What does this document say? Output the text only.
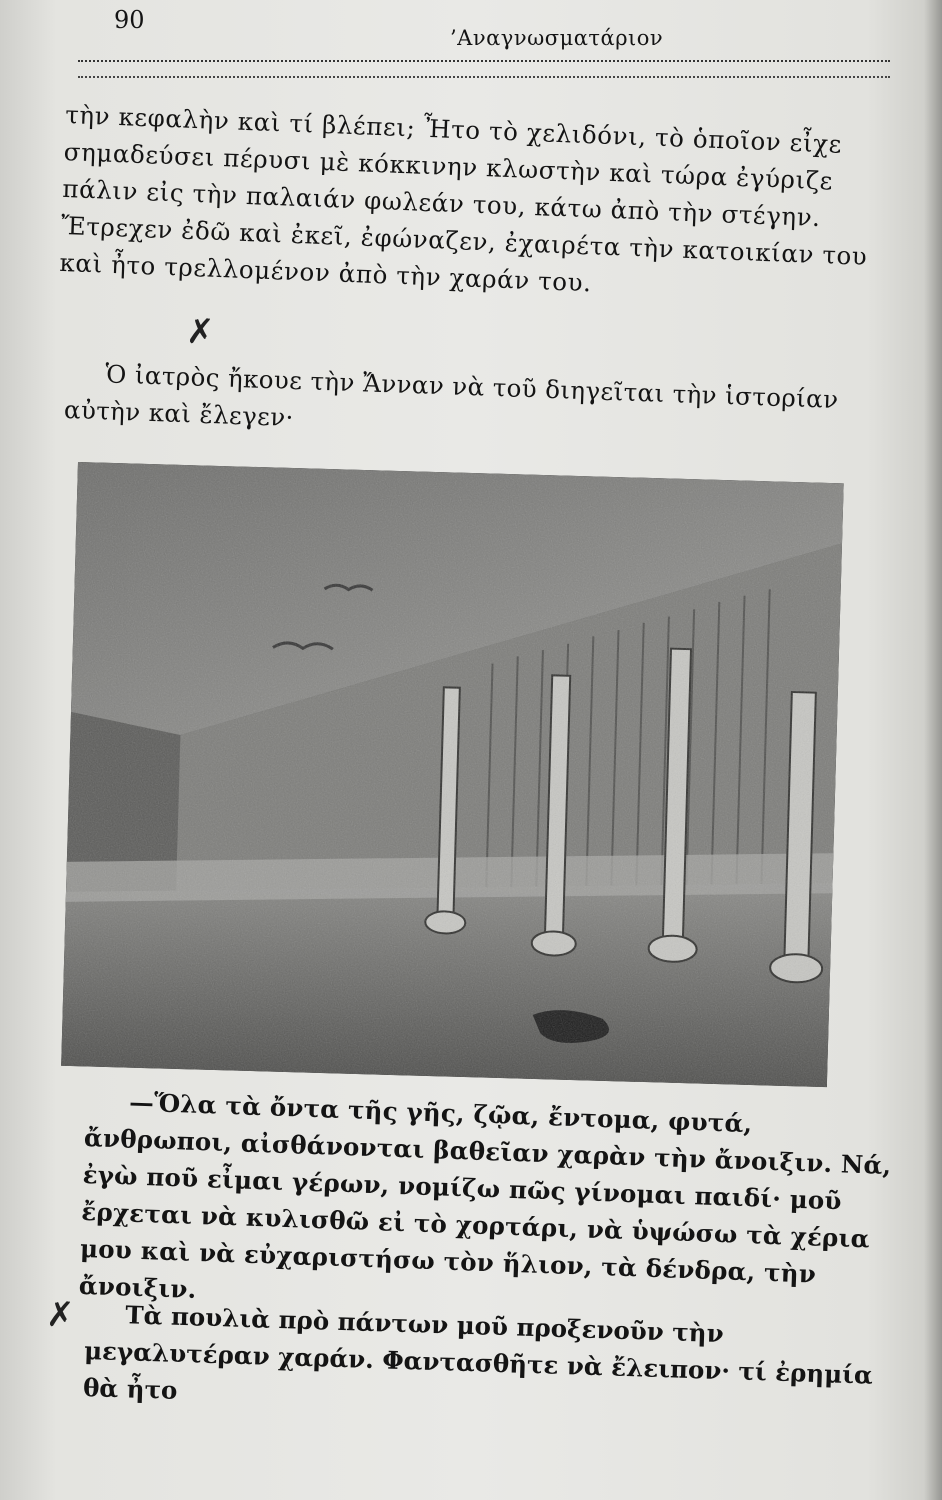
90
’Αναγνωσματάριον

τὴν κεφαλὴν καὶ τί βλέπει; Ἦτο τὸ χελιδόνι, τὸ ὁποῖον εἶχε σημαδεύσει πέρυσι μὲ κόκκινην κλωστὴν καὶ τώρα ἐγύριζε πάλιν εἰς τὴν παλαιάν φωλεάν του, κάτω ἀπὸ τὴν στέγην. Ἔτρεχεν ἐδῶ καὶ ἐκεῖ, ἐφώναζεν, ἐχαιρέτα τὴν κατοικίαν του καὶ ἦτο τρελλομένον ἀπὸ τὴν χαράν του.

✗

Ὁ ἰατρὸς ἤκουε τὴν Ἄνναν νὰ τοῦ διηγεῖται τὴν ἱστορίαν αὐτὴν καὶ ἔλεγεν·

—Ὅλα τὰ ὄντα τῆς γῆς, ζῷα, ἔντομα, φυτά, ἄνθρωποι, αἰσθάνονται βαθεῖαν χαρὰν τὴν ἄνοιξιν. Νά, ἐγὼ ποῦ εἶμαι γέρων, νομίζω πῶς γίνομαι παιδί· μοῦ ἔρχεται νὰ κυλισθῶ εἰ τὸ χορτάρι, νὰ ὑψώσω τὰ χέρια μου καὶ νὰ εὐχαριστήσω τὸν ἥλιον, τὰ δένδρα, τὴν ἄνοιξιν.

✗	Τὰ πουλιὰ πρὸ πάντων μοῦ προξενοῦν τὴν μεγαλυτέραν χαράν. Φαντασθῆτε νὰ ἔλειπον· τί ἐρημία θὰ ἦτο
